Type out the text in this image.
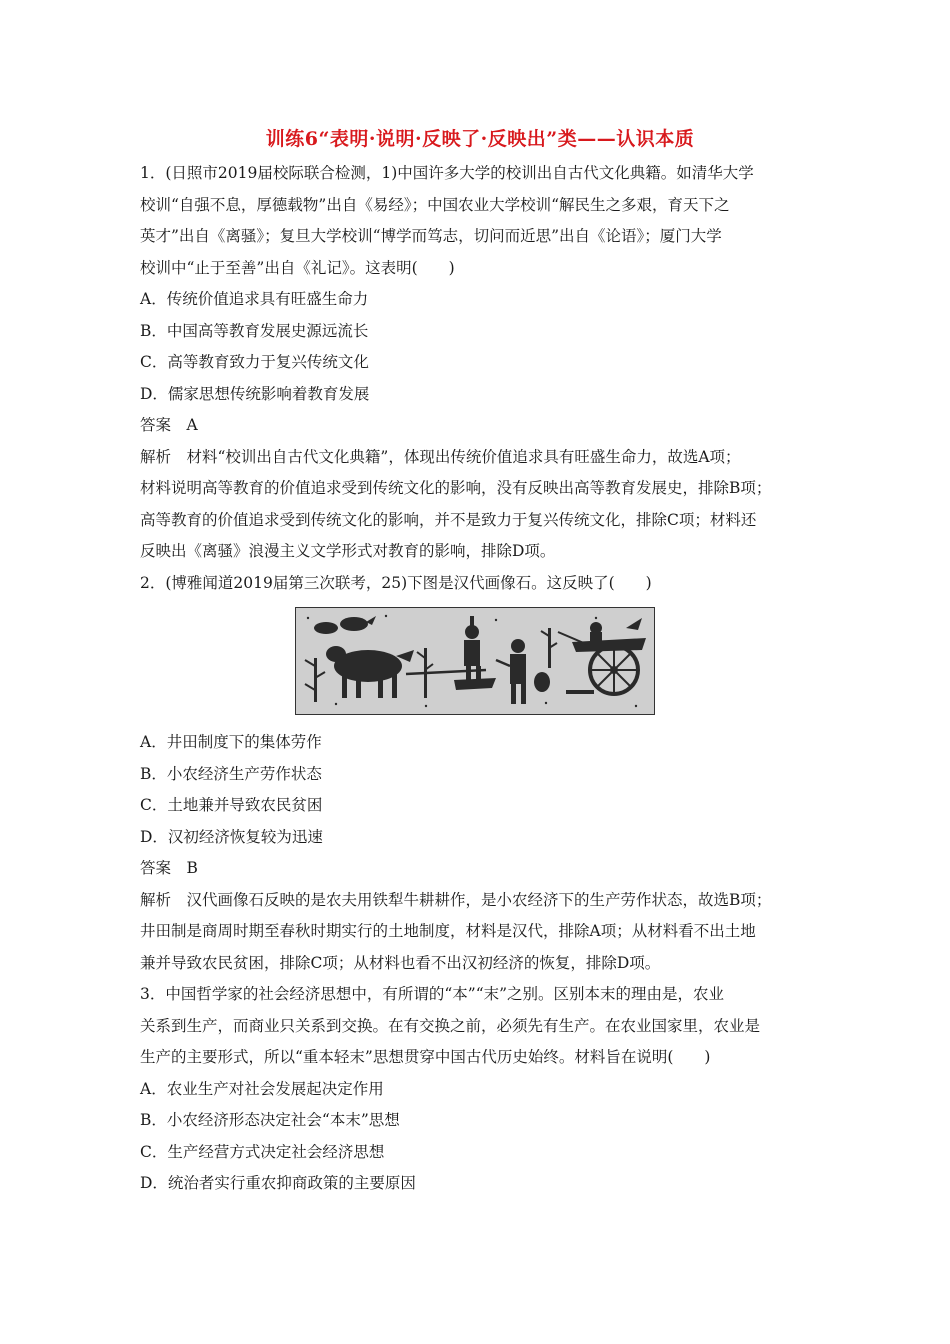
训练6“表明·说明·反映了·反映出”类——认识本质

1．(日照市2019届校际联合检测，1)中国许多大学的校训出自古代文化典籍。如清华大学

校训“自强不息，厚德载物”出自《易经》；中国农业大学校训“解民生之多艰，育天下之

英才”出自《离骚》；复旦大学校训“博学而笃志，切问而近思”出自《论语》；厦门大学

校训中“止于至善”出自《礼记》。这表明(　　)

A．传统价值追求具有旺盛生命力

B．中国高等教育发展史源远流长

C．高等教育致力于复兴传统文化

D．儒家思想传统影响着教育发展

答案　A

解析　材料“校训出自古代文化典籍”，体现出传统价值追求具有旺盛生命力，故选A项；

材料说明高等教育的价值追求受到传统文化的影响，没有反映出高等教育发展史，排除B项；

高等教育的价值追求受到传统文化的影响，并不是致力于复兴传统文化，排除C项；材料还

反映出《离骚》浪漫主义文学形式对教育的影响，排除D项。

2．(博雅闻道2019届第三次联考，25)下图是汉代画像石。这反映了(　　)

A．井田制度下的集体劳作

B．小农经济生产劳作状态

C．土地兼并导致农民贫困

D．汉初经济恢复较为迅速

答案　B

解析　汉代画像石反映的是农夫用铁犁牛耕耕作，是小农经济下的生产劳作状态，故选B项；

井田制是商周时期至春秋时期实行的土地制度，材料是汉代，排除A项；从材料看不出土地

兼并导致农民贫困，排除C项；从材料也看不出汉初经济的恢复，排除D项。

3．中国哲学家的社会经济思想中，有所谓的“本”“末”之别。区别本末的理由是，农业

关系到生产，而商业只关系到交换。在有交换之前，必须先有生产。在农业国家里，农业是

生产的主要形式，所以“重本轻末”思想贯穿中国古代历史始终。材料旨在说明(　　)

A．农业生产对社会发展起决定作用

B．小农经济形态决定社会“本末”思想

C．生产经营方式决定社会经济思想

D．统治者实行重农抑商政策的主要原因
